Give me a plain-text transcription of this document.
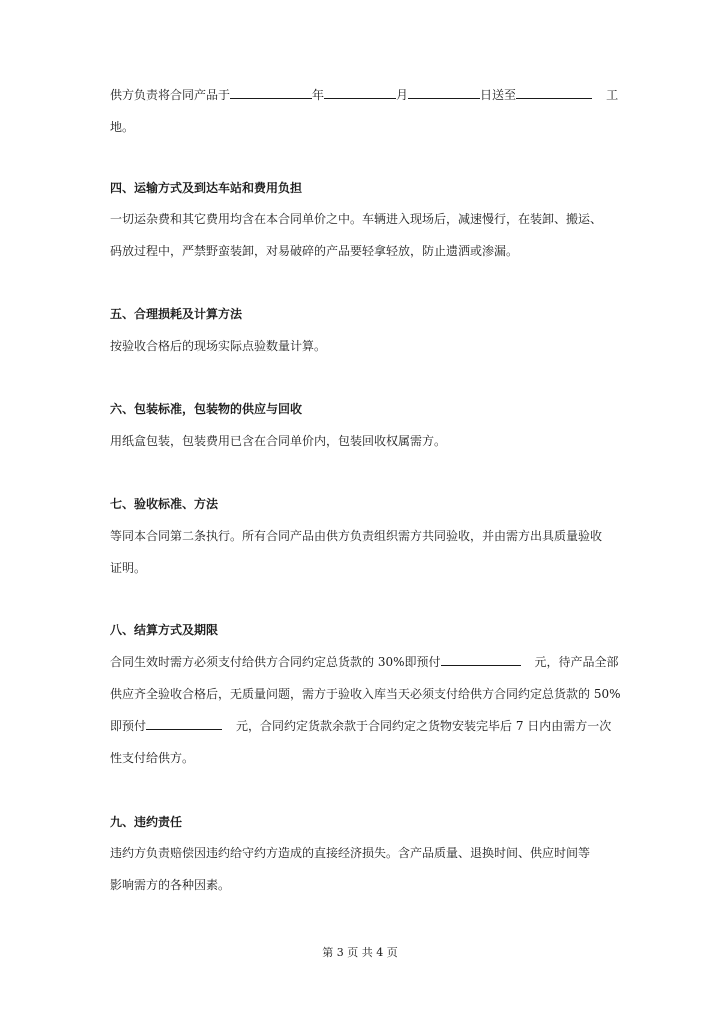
供方负责将合同产品于	年	月	日送至	工

地。

四、运输方式及到达车站和费用负担

一切运杂费和其它费用均含在本合同单价之中。车辆进入现场后，减速慢行，在装卸、搬运、

码放过程中，严禁野蛮装卸，对易破碎的产品要轻拿轻放，防止遗洒或渗漏。

五、合理损耗及计算方法

按验收合格后的现场实际点验数量计算。

六、包装标准，包装物的供应与回收

用纸盒包装，包装费用已含在合同单价内，包装回收权属需方。

七、验收标准、方法

等同本合同第二条执行。所有合同产品由供方负责组织需方共同验收，并由需方出具质量验收

证明。

八、结算方式及期限

合同生效时需方必须支付给供方合同约定总货款的 30%即预付	元，待产品全部

供应齐全验收合格后，无质量问题，需方于验收入库当天必须支付给供方合同约定总货款的 50%

即预付	元，合同约定货款余款于合同约定之货物安装完毕后 7 日内由需方一次

性支付给供方。

九、违约责任

违约方负责赔偿因违约给守约方造成的直接经济损失。含产品质量、退换时间、供应时间等

影响需方的各种因素。

第 3 页 共 4 页
